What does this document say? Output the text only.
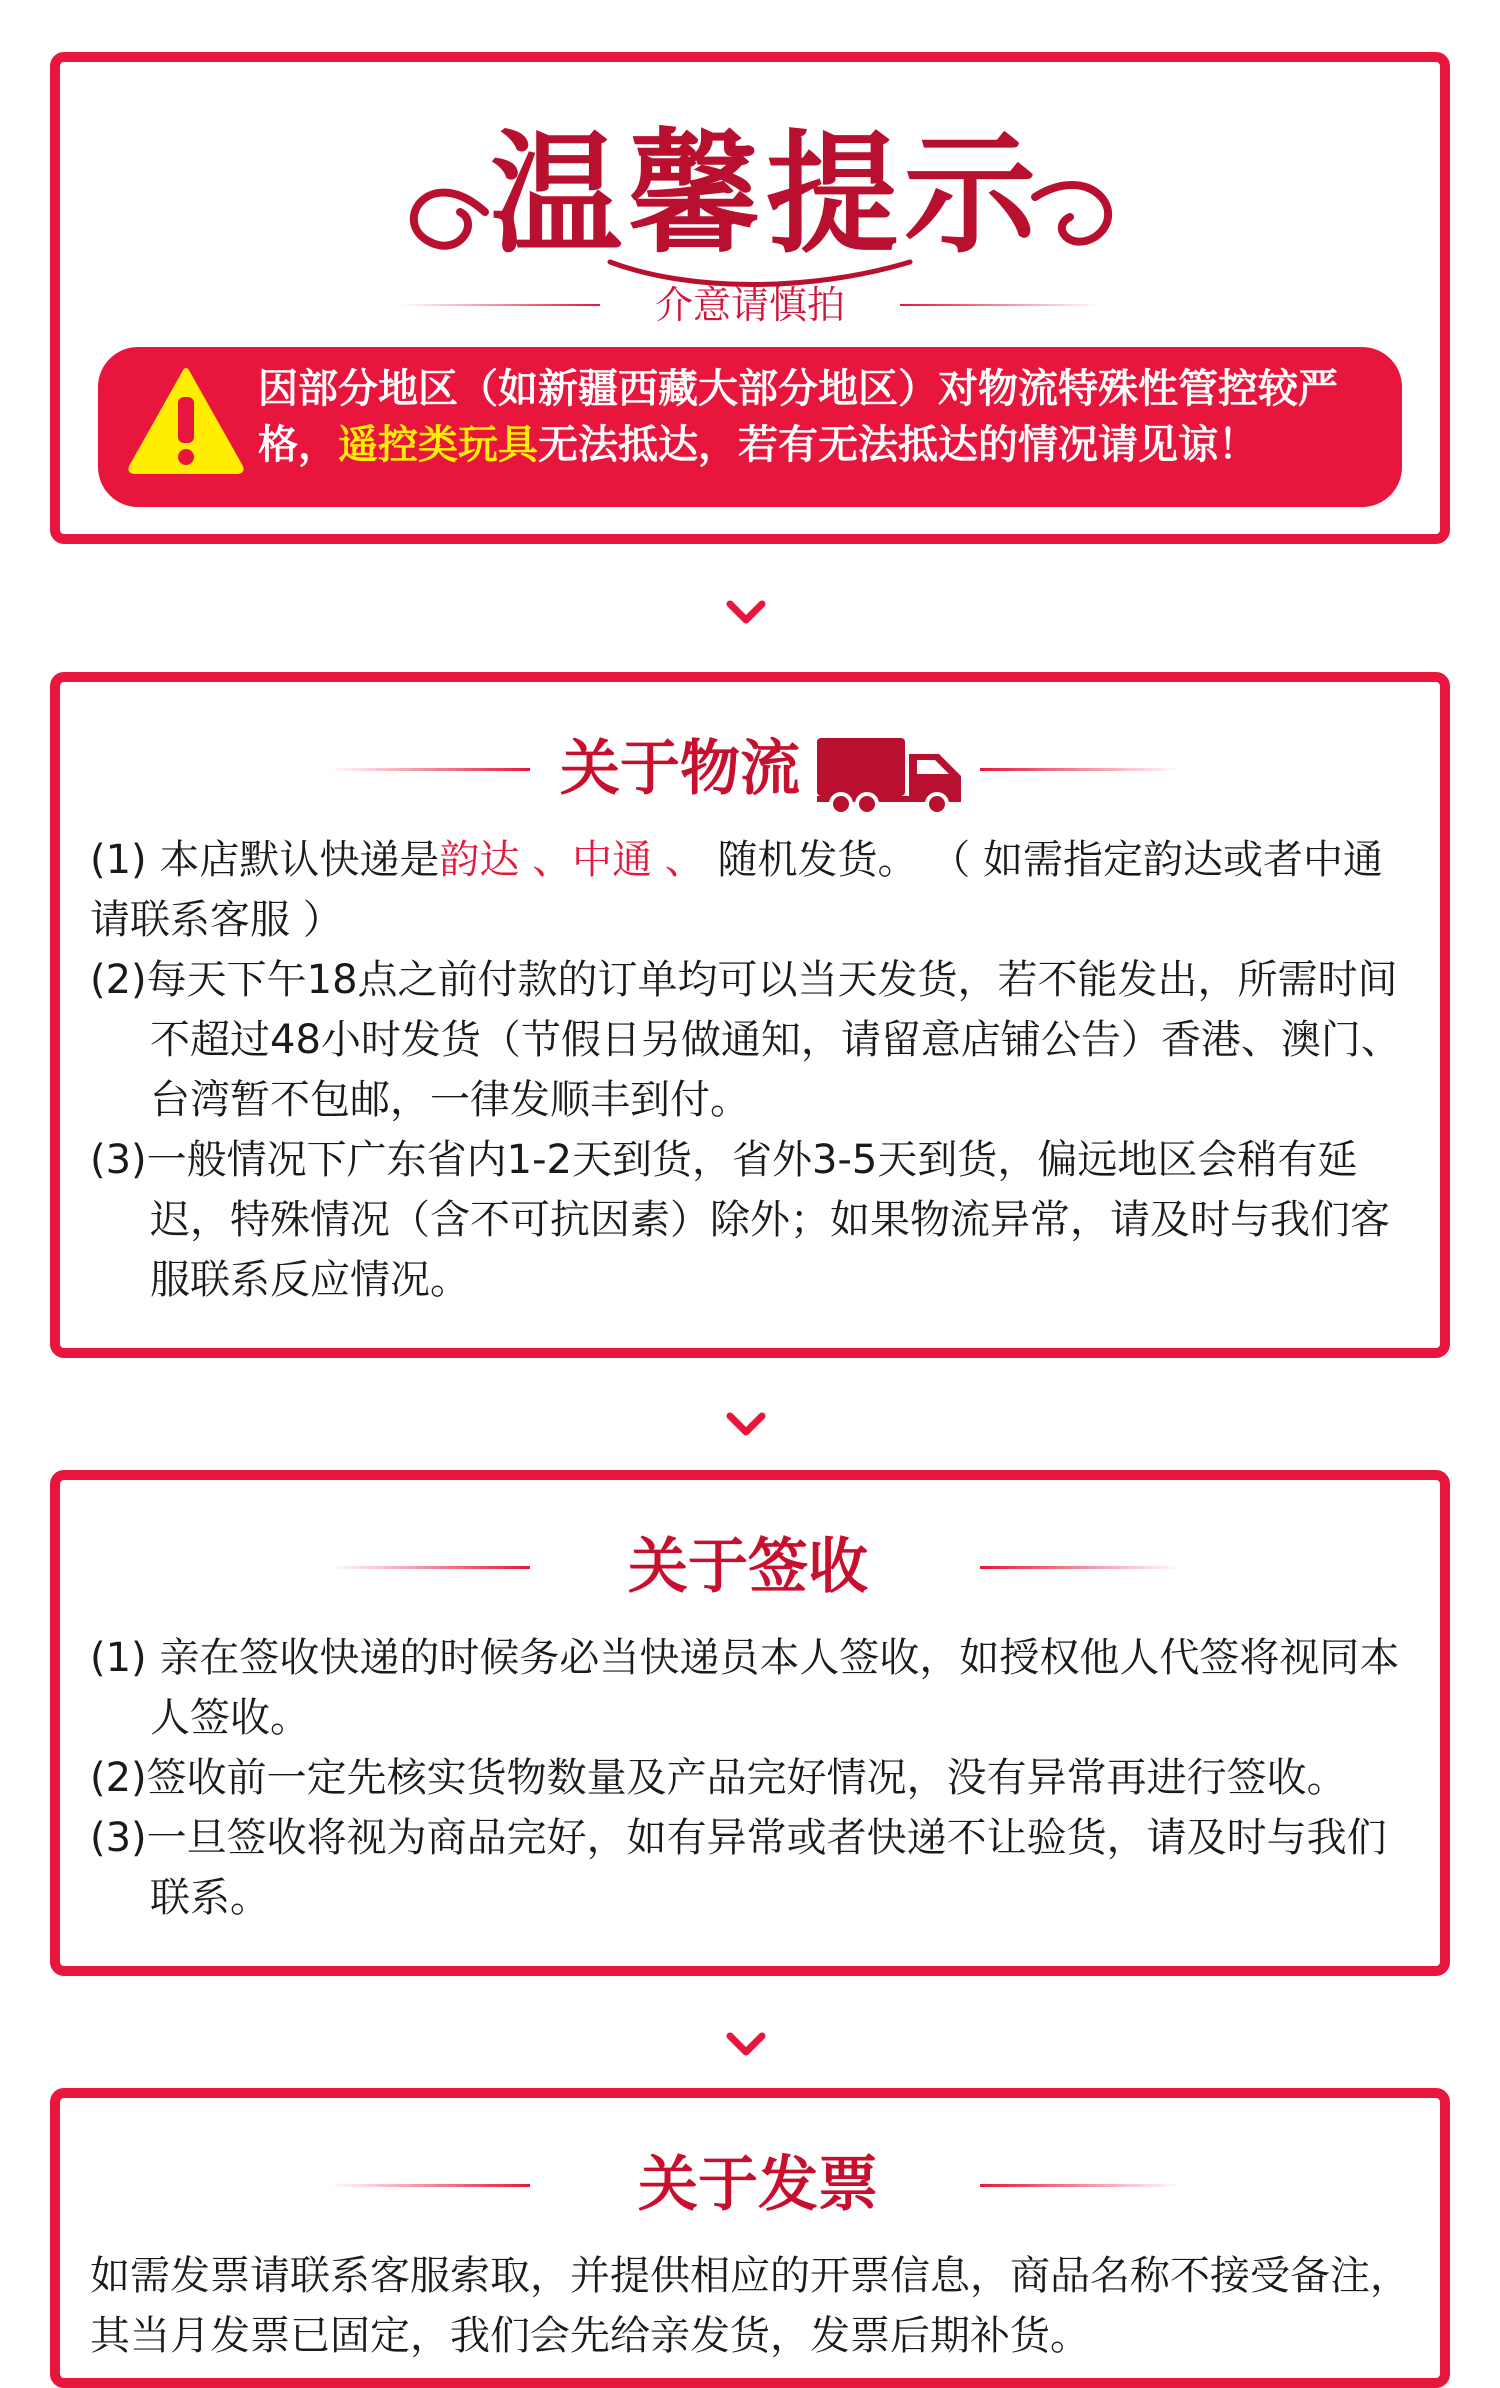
温馨提示
介意请慎拍
因部分地区（如新疆西藏大部分地区）对物流特殊性管控较严格，遥控类玩具无法抵达，若有无法抵达的情况请见谅！
关于物流
(1) 本店默认快递是韵达 、中通 、 随机发货。 （ 如需指定韵达或者中通请联系客服 ）
(2)每天下午18点之前付款的订单均可以当天发货，若不能发出，所需时间不超过48小时发货（节假日另做通知，请留意店铺公告）香港、澳门、台湾暂不包邮，一律发顺丰到付。
(3)一般情况下广东省内1-2天到货，省外3-5天到货，偏远地区会稍有延迟，特殊情况（含不可抗因素）除外；如果物流异常，请及时与我们客服联系反应情况。
关于签收
(1) 亲在签收快递的时候务必当快递员本人签收，如授权他人代签将视同本人签收。
(2)签收前一定先核实货物数量及产品完好情况，没有异常再进行签收。
(3)一旦签收将视为商品完好，如有异常或者快递不让验货，请及时与我们联系。
关于发票
如需发票请联系客服索取，并提供相应的开票信息，商品名称不接受备注，其当月发票已固定，我们会先给亲发货，发票后期补货。
